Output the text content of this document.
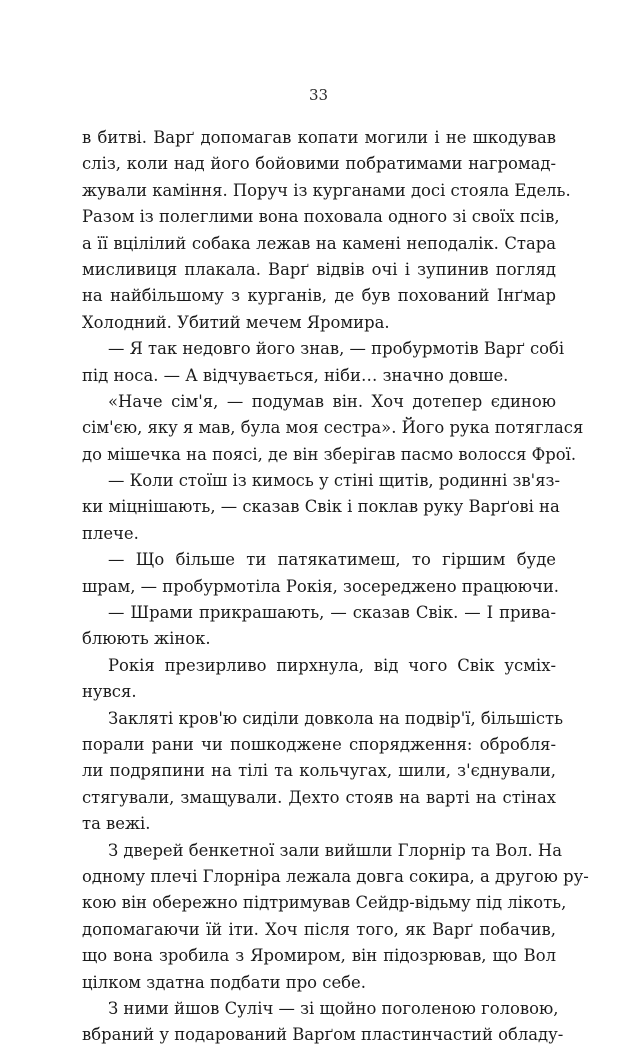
33
в битві. Варґ допомагав копати могили і не шкодував
сліз, коли над його бойовими побратимами нагромад-
жували каміння. Поруч із курганами досі стояла Едель.
Разом із полеглими вона поховала одного зі своїх псів,
а її вцілілий собака лежав на камені неподалік. Стара
мисливиця плакала. Варґ відвів очі і зупинив погляд
на найбільшому з курганів, де був похований Інґмар
Холодний. Убитий мечем Яромира.
— Я так недовго його знав, — пробурмотів Варґ собі
під носа. — А відчувається, ніби… значно довше.
«Наче сім'я, — подумав він. Хоч дотепер єдиною
сім'єю, яку я мав, була моя сестра». Його рука потяглася
до мішечка на поясі, де він зберігав пасмо волосся Фрої.
— Коли стоїш із кимось у стіні щитів, родинні зв'яз-
ки міцнішають, — сказав Свік і поклав руку Варґові на
плече.
— Що більше ти патякатимеш, то гіршим буде
шрам, — пробурмотіла Рокія, зосереджено працюючи.
— Шрами прикрашають, — сказав Свік. — І прива-
блюють жінок.
Рокія презирливо пирхнула, від чого Свік усміх-
нувся.
Закляті кров'ю сиділи довкола на подвір'ї, більшість
порали рани чи пошкоджене спорядження: обробля-
ли подряпини на тілі та кольчугах, шили, з'єднували,
стягували, змащували. Дехто стояв на варті на стінах
та вежі.
З дверей бенкетної зали вийшли Глорнір та Вол. На
одному плечі Глорніра лежала довга сокира, а другою ру-
кою він обережно підтримував Сейдр-відьму під лікоть,
допомагаючи їй іти. Хоч після того, як Варґ побачив,
що вона зробила з Яромиром, він підозрював, що Вол
цілком здатна подбати про себе.
З ними йшов Суліч — зі щойно поголеною головою,
вбраний у подарований Варґом пластинчастий обладу-
